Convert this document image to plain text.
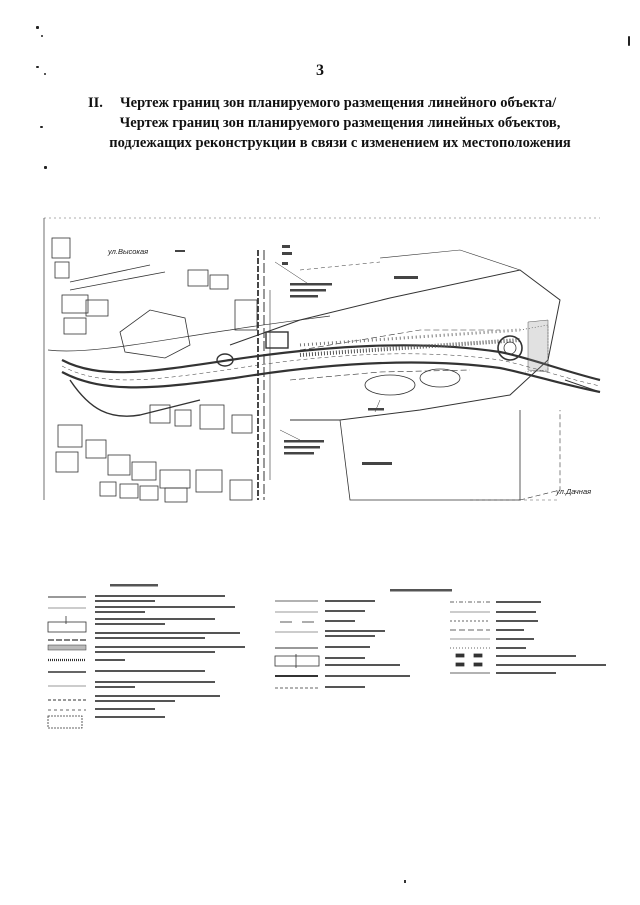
3
II.	Чертеж границ зон планируемого размещения линейного объекта/
Чертеж границ зон планируемого размещения линейных объектов,
подлежащих реконструкции в связи с изменением их местоположения
ул.Высокая
ул.Дачная
